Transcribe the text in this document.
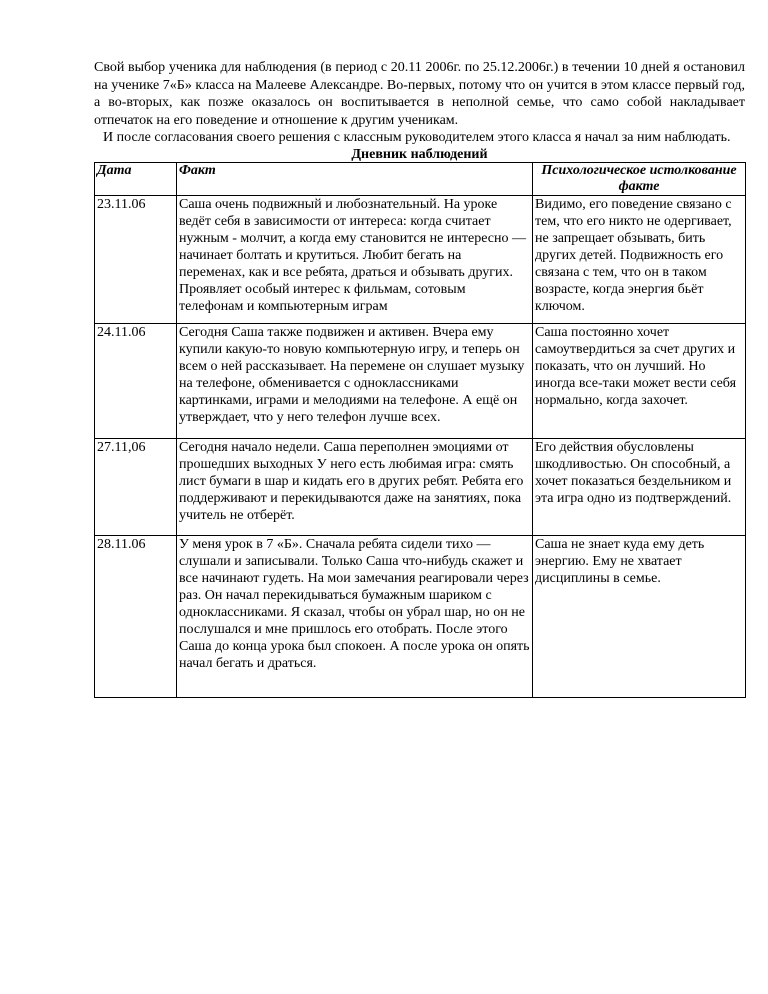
Свой выбор ученика для наблюдения (в период с 20.11 2006г. по 25.12.2006г.) в течении 10 дней я остановил на ученике 7«Б» класса на Малееве Александре. Во-первых, потому что он учится в этом классе первый год, а во-вторых, как позже оказалось он воспитывается в неполной семье, что само собой накладывает отпечаток на его поведение и отношение к другим ученикам.

И после согласования своего решения с классным руководителем этого класса я начал за ним наблюдать.

Дневник наблюдений
Дата	Факт	Психологическое истолкование факте
23.11.06	Саша очень подвижный и любознательный. На уроке ведёт себя в зависимости от интереса: когда считает нужным - молчит, а когда ему становится не интересно — начинает болтать и крутиться. Любит бегать на переменах, как и все ребята, драться и обзывать других. Проявляет особый интерес к фильмам, сотовым телефонам и компьютерным играм	Видимо, его поведение связано с тем, что его никто не одергивает, не запрещает обзывать, бить других детей. Подвижность его связана с тем, что он в таком возрасте, когда энергия бьёт ключом.
24.11.06	Сегодня Саша также подвижен и активен. Вчера ему купили какую-то новую компьютерную игру, и теперь он всем о ней рассказывает. На перемене он слушает музыку на телефоне, обменивается с одноклассниками картинками, играми и мелодиями на телефоне. А ещё он утверждает, что у него телефон лучше всех.	Саша постоянно хочет самоутвердиться за счет других и показать, что он лучший. Но иногда все-таки может вести себя нормально, когда захочет.
27.11,06	Сегодня начало недели. Саша переполнен эмоциями от прошедших выходных У него есть любимая игра: смять лист бумаги в шар и кидать его в других ребят. Ребята его поддерживают и перекидываются даже на занятиях, пока учитель не отберёт.	Его действия обусловлены шкодливостью. Он способный, а хочет показаться бездельником и эта игра одно из подтверждений.
28.11.06	У меня урок в 7 «Б». Сначала ребята сидели тихо — слушали и записывали. Только Саша что-нибудь скажет и все начинают гудеть. На мои замечания реагировали через раз. Он начал перекидываться бумажным шариком с одноклассниками. Я сказал, чтобы он убрал шар, но он не послушался и мне пришлось его отобрать. После этого Саша до конца урока был спокоен. А после урока он опять начал бегать и драться.	Саша не знает куда ему деть энергию. Ему не хватает дисциплины в семье.
